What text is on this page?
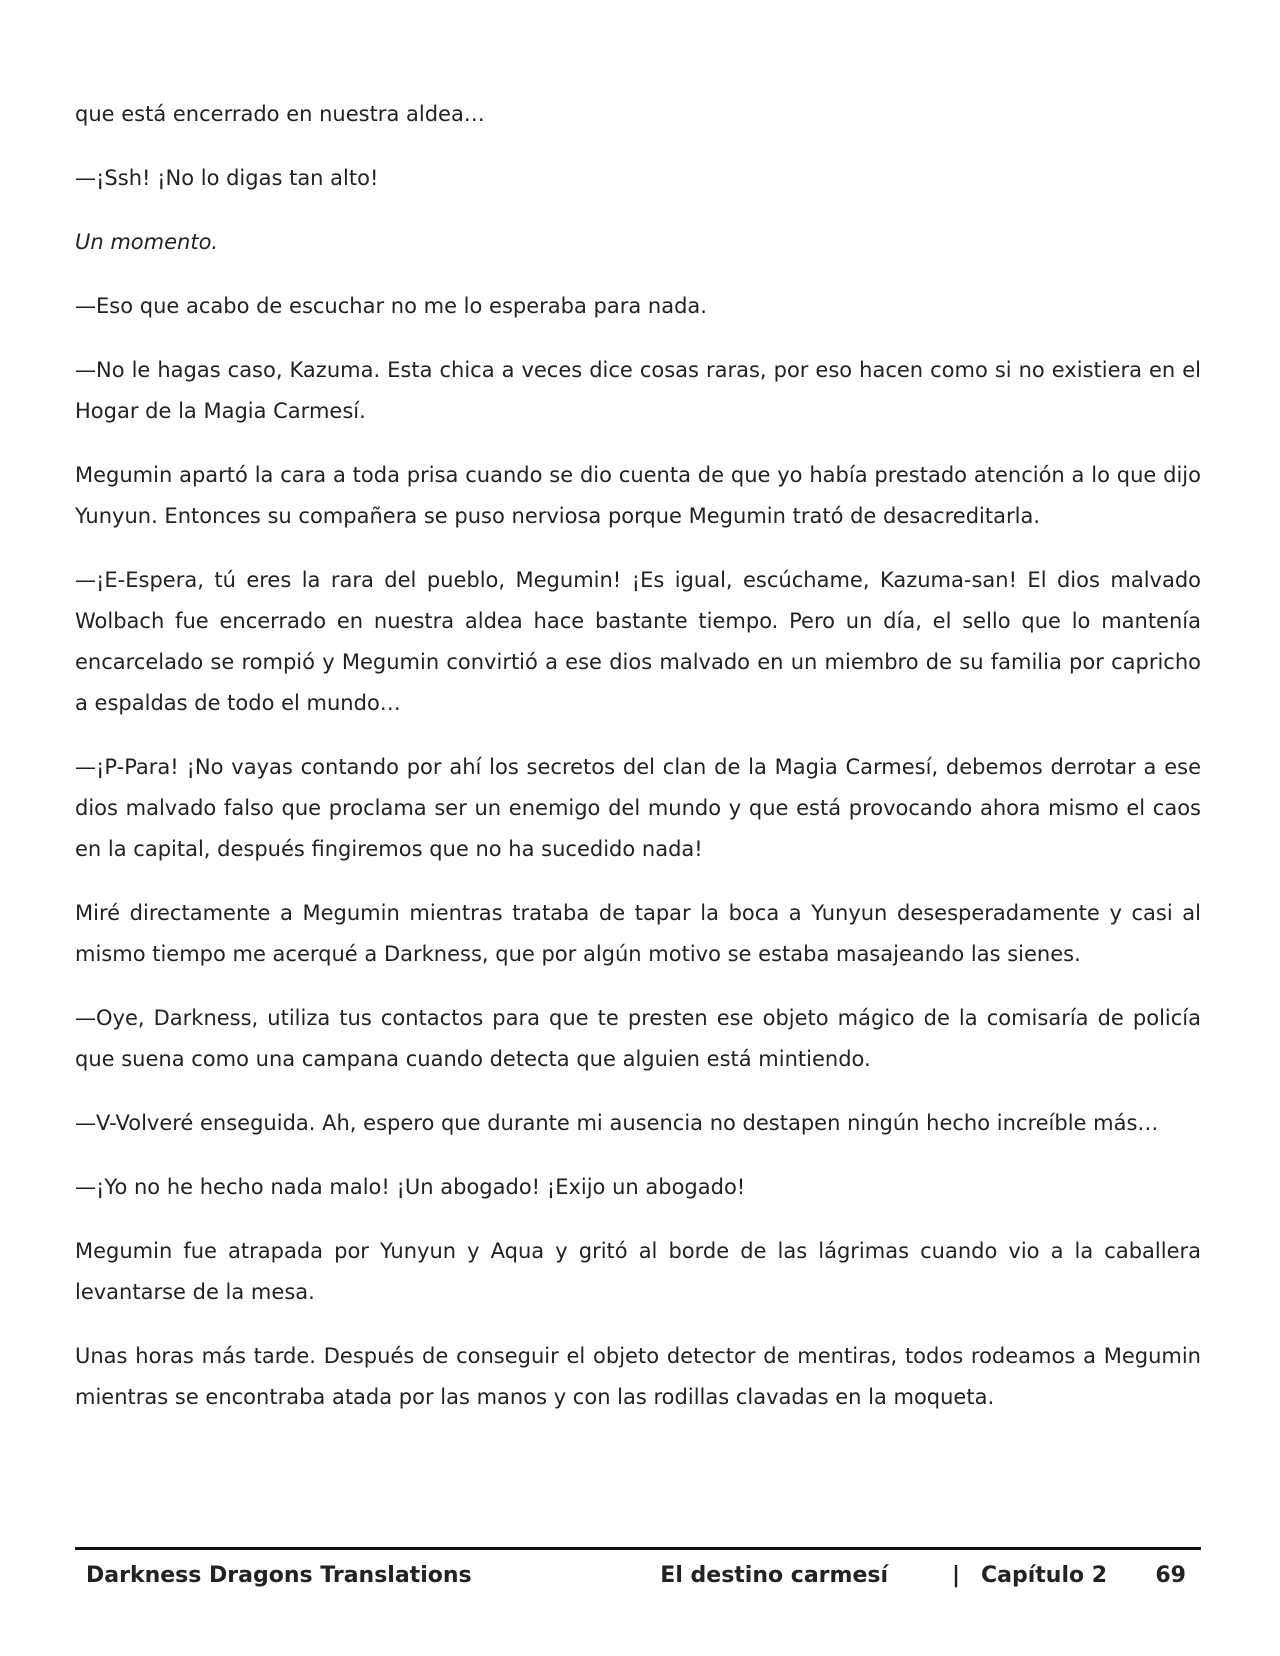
que está encerrado en nuestra aldea…

—¡Ssh! ¡No lo digas tan alto!

Un momento.

—Eso que acabo de escuchar no me lo esperaba para nada.

—No le hagas caso, Kazuma. Esta chica a veces dice cosas raras, por eso hacen como si no existiera en el Hogar de la Magia Carmesí.

Megumin apartó la cara a toda prisa cuando se dio cuenta de que yo había prestado atención a lo que dijo Yunyun. Entonces su compañera se puso nerviosa porque Megumin trató de desacreditarla.

—¡E-Espera, tú eres la rara del pueblo, Megumin! ¡Es igual, escúchame, Kazuma-san! El dios malvado Wolbach fue encerrado en nuestra aldea hace bastante tiempo. Pero un día, el sello que lo mantenía encarcelado se rompió y Megumin convirtió a ese dios malvado en un miembro de su familia por capricho a espaldas de todo el mundo…

—¡P-Para! ¡No vayas contando por ahí los secretos del clan de la Magia Carmesí, debemos derrotar a ese dios malvado falso que proclama ser un enemigo del mundo y que está provocando ahora mismo el caos en la capital, después fingiremos que no ha sucedido nada!

Miré directamente a Megumin mientras trataba de tapar la boca a Yunyun desesperadamente y casi al mismo tiempo me acerqué a Darkness, que por algún motivo se estaba masajeando las sienes.

—Oye, Darkness, utiliza tus contactos para que te presten ese objeto mágico de la comisaría de policía que suena como una campana cuando detecta que alguien está mintiendo.

—V-Volveré enseguida. Ah, espero que durante mi ausencia no destapen ningún hecho increíble más…

—¡Yo no he hecho nada malo! ¡Un abogado! ¡Exijo un abogado!

Megumin fue atrapada por Yunyun y Aqua y gritó al borde de las lágrimas cuando vio a la caballera levantarse de la mesa.

Unas horas más tarde. Después de conseguir el objeto detector de mentiras, todos rodeamos a Megumin mientras se encontraba atada por las manos y con las rodillas clavadas en la moqueta.

Darkness Dragons Translations	El destino carmesí	| Capítulo 2 69
